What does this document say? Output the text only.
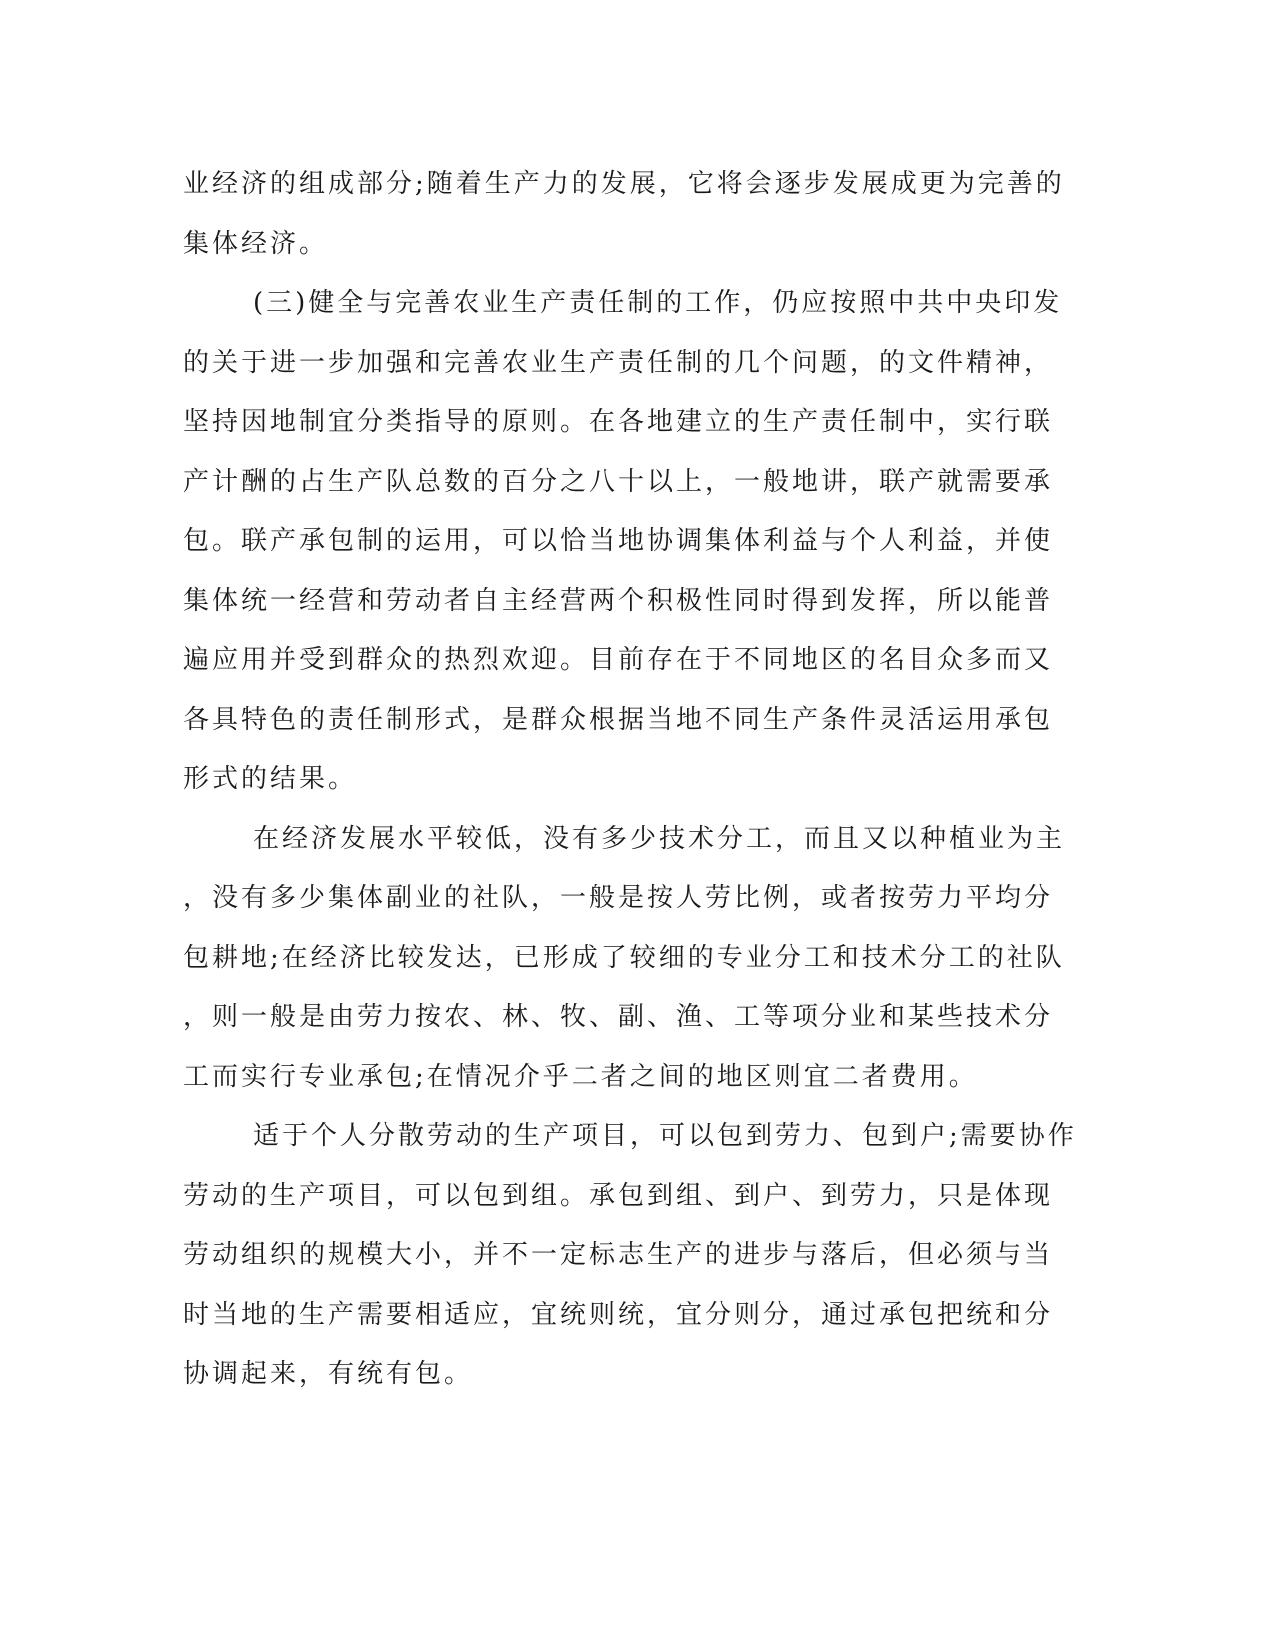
业经济的组成部分;随着生产力的发展，它将会逐步发展成更为完善的
集体经济。
(三)健全与完善农业生产责任制的工作，仍应按照中共中央印发
的关于进一步加强和完善农业生产责任制的几个问题，的文件精神，
坚持因地制宜分类指导的原则。在各地建立的生产责任制中，实行联
产计酬的占生产队总数的百分之八十以上，一般地讲，联产就需要承
包。联产承包制的运用，可以恰当地协调集体利益与个人利益，并使
集体统一经营和劳动者自主经营两个积极性同时得到发挥，所以能普
遍应用并受到群众的热烈欢迎。目前存在于不同地区的名目众多而又
各具特色的责任制形式，是群众根据当地不同生产条件灵活运用承包
形式的结果。
在经济发展水平较低，没有多少技术分工，而且又以种植业为主
，没有多少集体副业的社队，一般是按人劳比例，或者按劳力平均分
包耕地;在经济比较发达，已形成了较细的专业分工和技术分工的社队
，则一般是由劳力按农、林、牧、副、渔、工等项分业和某些技术分
工而实行专业承包;在情况介乎二者之间的地区则宜二者费用。
适于个人分散劳动的生产项目，可以包到劳力、包到户;需要协作
劳动的生产项目，可以包到组。承包到组、到户、到劳力，只是体现
劳动组织的规模大小，并不一定标志生产的进步与落后，但必须与当
时当地的生产需要相适应，宜统则统，宜分则分，通过承包把统和分
协调起来，有统有包。
